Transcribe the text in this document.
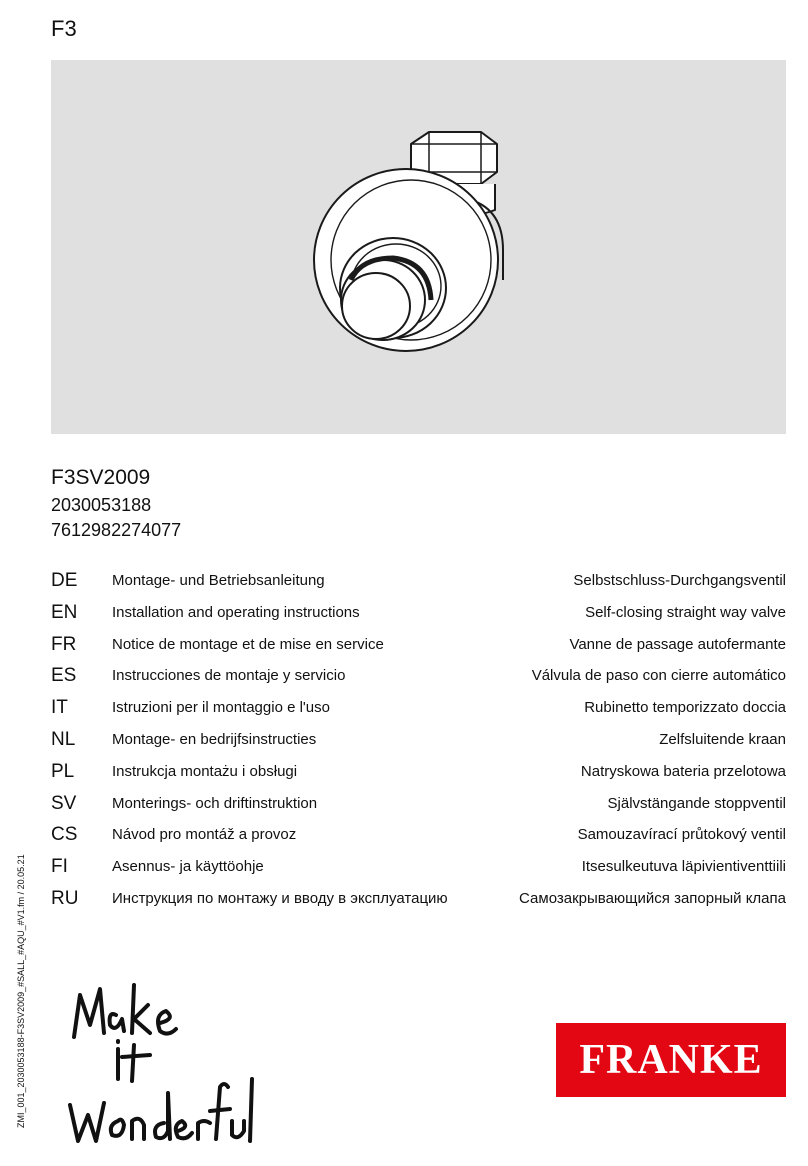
F3
F3SV2009
2030053188
7612982274077
DE Montage- und Betriebsanleitung	Selbstschluss-Durchgangsventil
EN Installation and operating instructions	Self-closing straight way valve
FR Notice de montage et de mise en service	Vanne de passage autofermante
ES Instrucciones de montaje y servicio	Válvula de paso con cierre automático
IT	Istruzioni per il montaggio e l'uso	Rubinetto temporizzato doccia
NL Montage- en bedrijfsinstructies	Zelfsluitende kraan
PL	Instrukcja montażu i obsługi	Natryskowa bateria przelotowa
SV Monterings- och driftinstruktion	Självstängande stoppventil
CS Návod pro montáž a provoz	Samouzavírací průtokový ventil
FI	Asennus- ja käyttöohje	Itsesulkeutuva läpivientiventtiili
RU Инструкция по монтажу и вводу в эксплуатацию	Самозакрывающийся запорный клапа
ZMI_001_2030053188-F3SV2009_#SALL_#AQU_#V1.fm / 20.05.21	FRANKE
